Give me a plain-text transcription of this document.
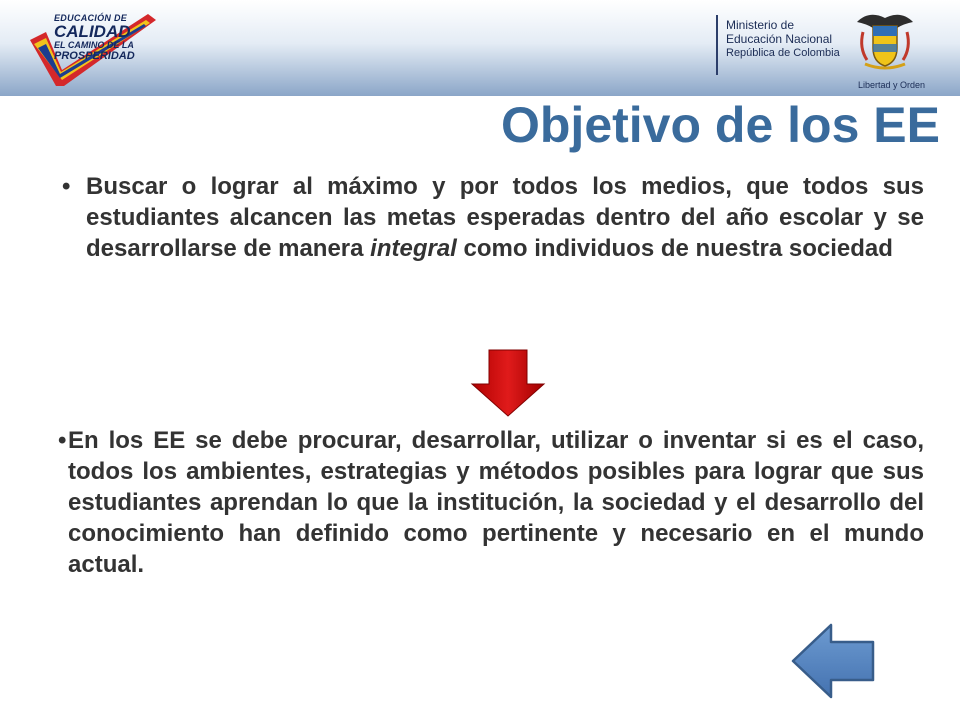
EDUCACIÓN DE
CALIDAD
EL CAMINO DE LA
PROSPERIDAD
Ministerio de
Educación Nacional
República de Colombia
Libertad y Orden
Objetivo de los EE
• Buscar o lograr al máximo y por todos los medios, que todos sus estudiantes alcancen las metas esperadas dentro del año escolar y se desarrollarse de manera integral como individuos de nuestra sociedad

• En los EE se debe procurar, desarrollar, utilizar o inventar si es el caso, todos los ambientes, estrategias y métodos posibles para lograr que sus estudiantes aprendan lo que la institución, la sociedad y el desarrollo del conocimiento han definido como pertinente y necesario en el mundo actual.
